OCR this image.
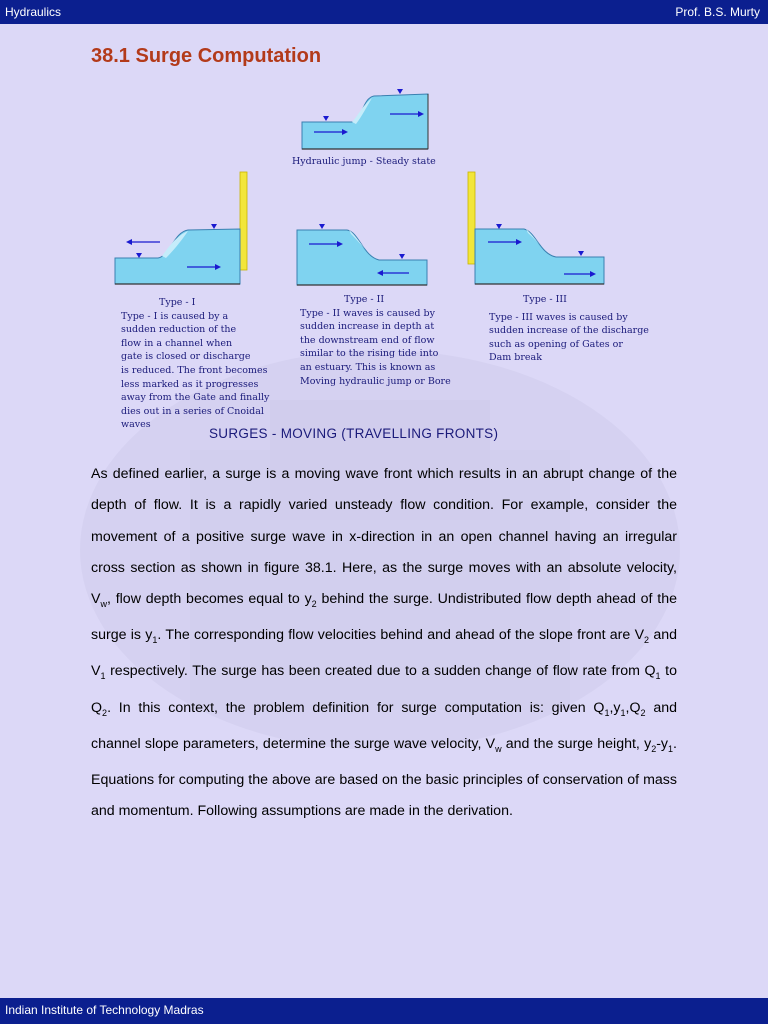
Hydraulics	Prof. B.S. Murty
38.1 Surge Computation
Hydraulic jump - Steady state
Type - I
Type - I is caused by a
sudden reduction of the
flow in a channel when
gate is closed or discharge
is reduced. The front becomes
less marked as it progresses
away from the Gate and finally
dies out in a series of Cnoidal
waves
Type - II
Type - II waves is caused by
sudden increase in depth at
the downstream end of flow
similar to the rising tide into
an estuary. This is known as
Moving hydraulic jump or Bore
Type - III
Type - III waves is caused by
sudden increase of the discharge
such as opening of Gates or
Dam break
SURGES - MOVING (TRAVELLING FRONTS)
As defined earlier, a surge is a moving wave front which results in an abrupt change of the depth of flow. It is a rapidly varied unsteady flow condition. For example, consider the movement of a positive surge wave in x-direction in an open channel having an irregular cross section as shown in figure 38.1. Here, as the surge moves with an absolute velocity, $V_w$, flow depth becomes equal to $y_2$ behind the surge. Undistributed flow depth ahead of the surge is $y_1$. The corresponding flow velocities behind and ahead of the slope front are $V_2$ and $V_1$ respectively. The surge has been created due to a sudden change of flow rate from $Q_1$ to $Q_2$. In this context, the problem definition for surge computation is: given $Q_1,y_1,Q_2$ and channel slope parameters, determine the surge wave velocity, $V_w$ and the surge height, $y_2-y_1$. Equations for computing the above are based on the basic principles of conservation of mass and momentum. Following assumptions are made in the derivation.
Indian Institute of Technology Madras
